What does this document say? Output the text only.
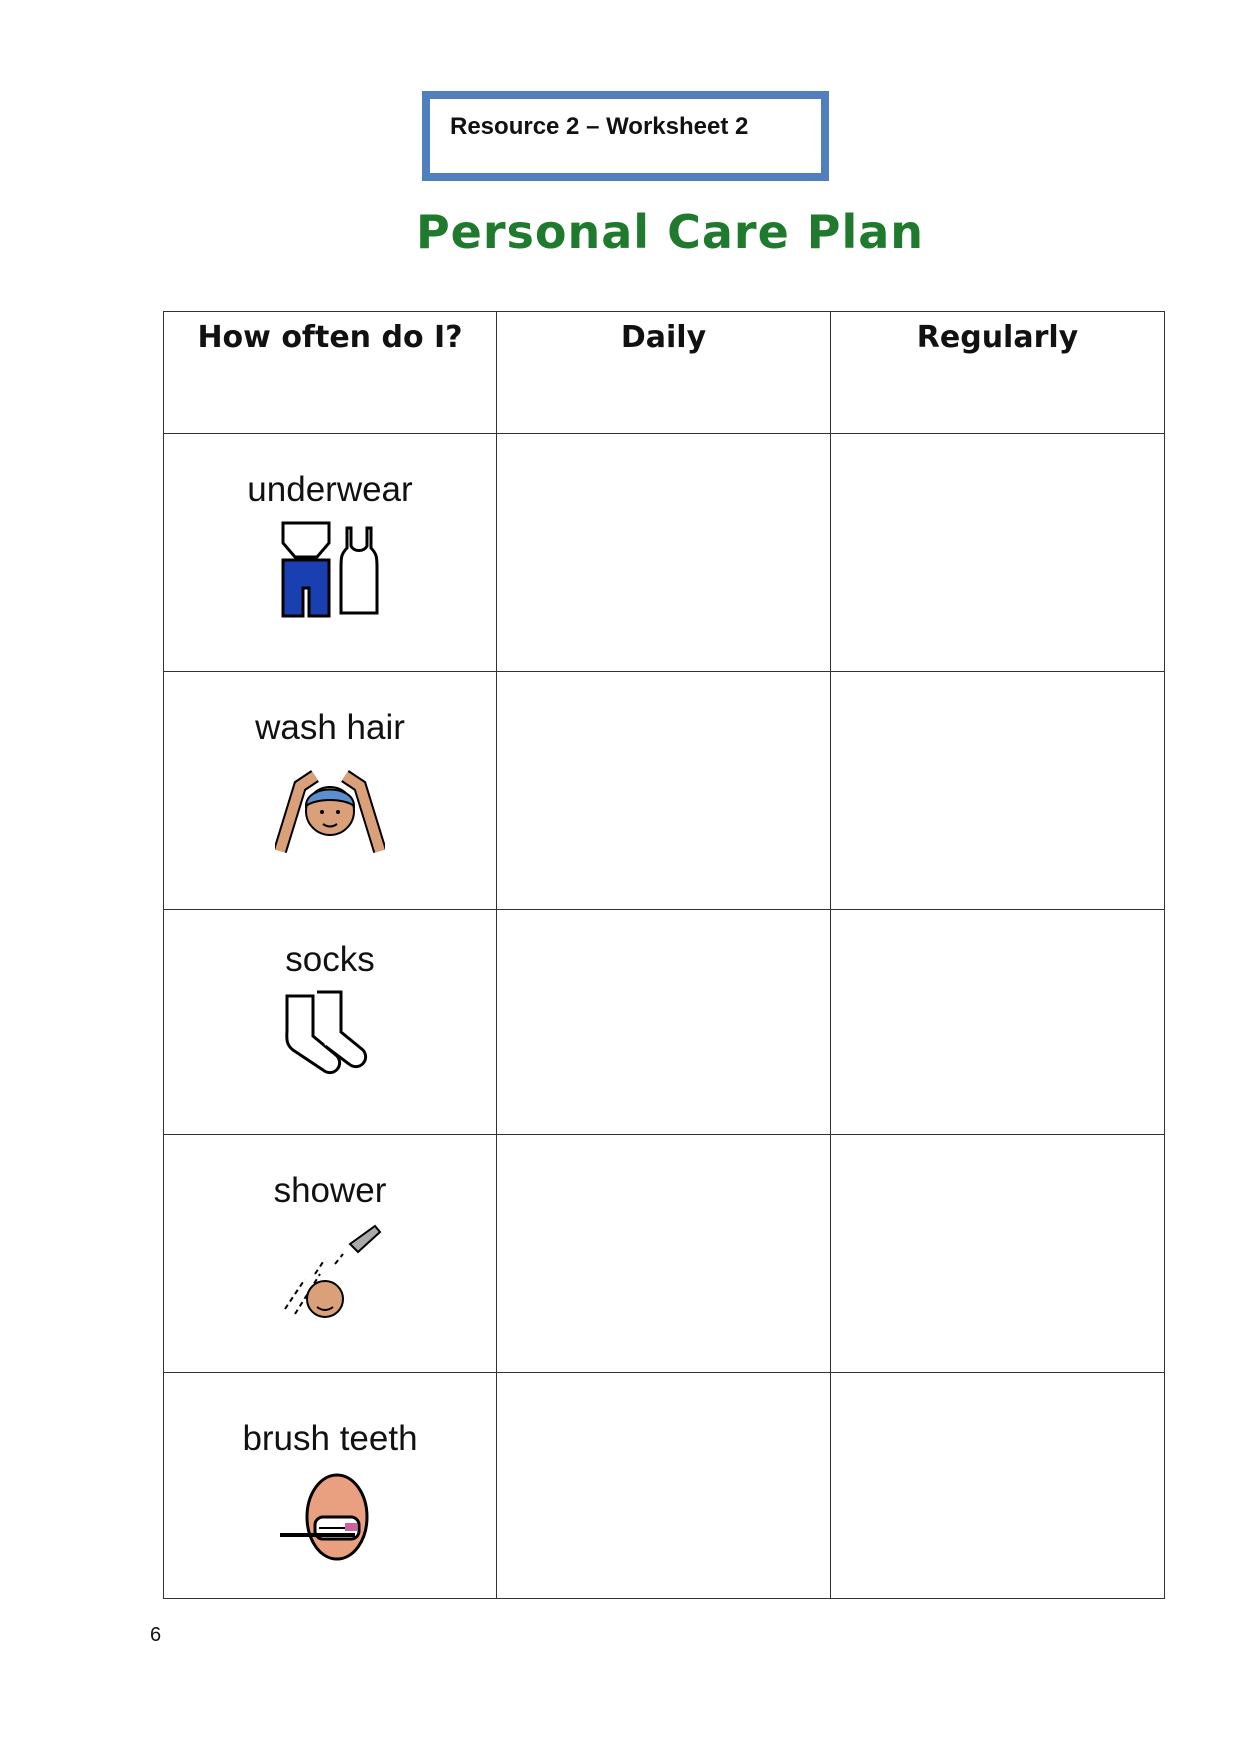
Resource 2 – Worksheet 2
Personal Care Plan
How often do I?	Daily	Regularly

underwear		

wash hair		

socks		

shower		

brush teeth		

6
